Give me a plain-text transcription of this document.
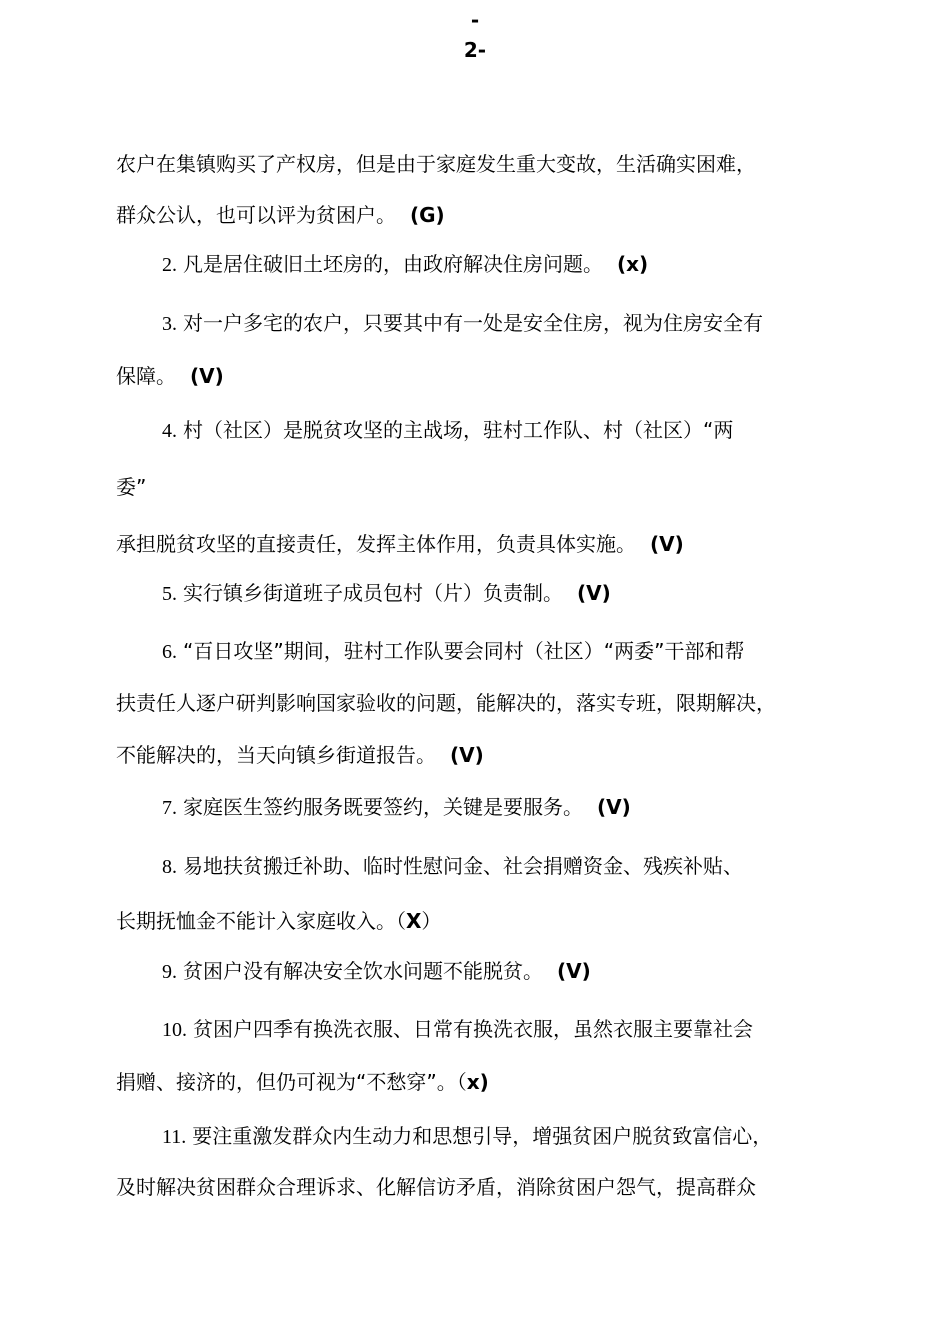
-
2-
农户在集镇购买了产权房，但是由于家庭发生重大变故，生活确实困难，
群众公认，也可以评为贫困户。 (G)
2. 凡是居住破旧土坯房的，由政府解决住房问题。 (x)
3. 对一户多宅的农户，只要其中有一处是安全住房，视为住房安全有
保障。 (V)
4. 村（社区）是脱贫攻坚的主战场，驻村工作队、村（社区）“两
委”
承担脱贫攻坚的直接责任，发挥主体作用，负责具体实施。 (V)
5. 实行镇乡街道班子成员包村（片）负责制。 (V)
6. “百日攻坚”期间，驻村工作队要会同村（社区）“两委”干部和帮
扶责任人逐户研判影响国家验收的问题，能解决的，落实专班，限期解决，
不能解决的，当天向镇乡街道报告。 (V)
7. 家庭医生签约服务既要签约，关键是要服务。 (V)
8. 易地扶贫搬迁补助、临时性慰问金、社会捐赠资金、残疾补贴、
长期抚恤金不能计入家庭收入。（X）
9. 贫困户没有解决安全饮水问题不能脱贫。 (V)
10. 贫困户四季有换洗衣服、日常有换洗衣服，虽然衣服主要靠社会
捐赠、接济的，但仍可视为“不愁穿”。（x)
11. 要注重激发群众内生动力和思想引导，增强贫困户脱贫致富信心，
及时解决贫困群众合理诉求、化解信访矛盾，消除贫困户怨气，提高群众
